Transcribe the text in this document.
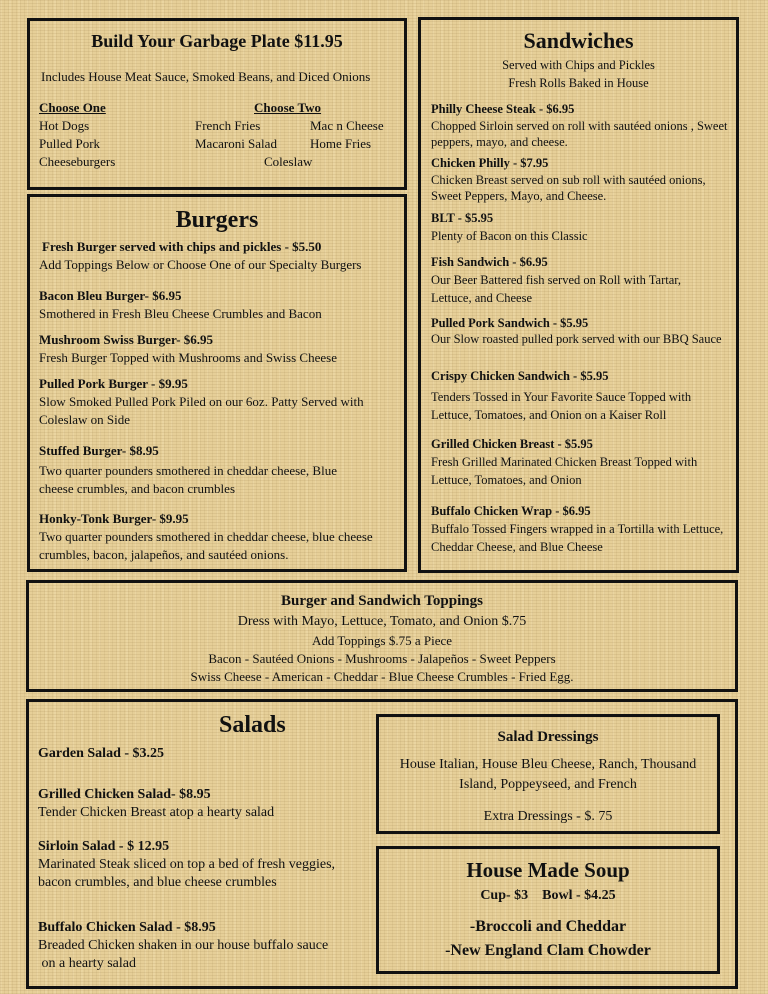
Build Your Garbage Plate $11.95
Includes House Meat Sauce, Smoked Beans, and Diced Onions
Choose One	Choose Two
Hot Dogs
Pulled Pork
Cheeseburgers
French Fries
Macaroni Salad
Mac n Cheese
Home Fries
Coleslaw
Burgers
Fresh Burger served with chips and pickles - $5.50
Add Toppings Below or Choose One of our Specialty Burgers
Bacon Bleu Burger- $6.95
Smothered in Fresh Bleu Cheese Crumbles and Bacon
Mushroom Swiss Burger- $6.95
Fresh Burger Topped with Mushrooms and Swiss Cheese
Pulled Pork Burger - $9.95
Slow Smoked Pulled Pork Piled on our 6oz. Patty Served with Coleslaw on Side
Stuffed Burger- $8.95
Two quarter pounders smothered in cheddar cheese, Blue cheese crumbles, and bacon crumbles
Honky-Tonk Burger- $9.95
Two quarter pounders smothered in cheddar cheese, blue cheese crumbles, bacon, jalapeños, and sautéed onions.
Sandwiches
Served with Chips and Pickles
Fresh Rolls Baked in House
Philly Cheese Steak - $6.95
Chopped Sirloin served on roll with sautéed onions , Sweet peppers, mayo, and cheese.
Chicken Philly - $7.95
Chicken Breast served on sub roll with sautéed onions, Sweet Peppers, Mayo, and Cheese.
BLT - $5.95
Plenty of Bacon on this Classic
Fish Sandwich - $6.95
Our Beer Battered fish served on Roll with Tartar, Lettuce, and Cheese
Pulled Pork Sandwich - $5.95
Our Slow roasted pulled pork served with our BBQ Sauce
Crispy Chicken Sandwich - $5.95
Tenders Tossed in Your Favorite Sauce Topped with Lettuce, Tomatoes, and Onion on a Kaiser Roll
Grilled Chicken Breast - $5.95
Fresh Grilled Marinated Chicken Breast Topped with Lettuce, Tomatoes, and Onion
Buffalo Chicken Wrap - $6.95
Buffalo Tossed Fingers wrapped in a Tortilla with Lettuce, Cheddar Cheese, and Blue Cheese
Burger and Sandwich Toppings
Dress with Mayo, Lettuce, Tomato, and Onion $.75
Add Toppings $.75 a Piece
Bacon - Sautéed Onions - Mushrooms - Jalapeños - Sweet Peppers
Swiss Cheese - American - Cheddar - Blue Cheese Crumbles - Fried Egg.
Salads
Garden Salad - $3.25
Grilled Chicken Salad- $8.95
Tender Chicken Breast atop a hearty salad
Sirloin Salad - $ 12.95
Marinated Steak sliced on top a bed of fresh veggies, bacon crumbles, and blue cheese crumbles
Buffalo Chicken Salad - $8.95
Breaded Chicken shaken in our house buffalo sauce
on a hearty salad
Salad Dressings
House Italian, House Bleu Cheese, Ranch, Thousand
Island, Poppeyseed, and French
Extra Dressings - $. 75
House Made Soup
Cup- $3    Bowl - $4.25
-Broccoli and Cheddar
-New England Clam Chowder
